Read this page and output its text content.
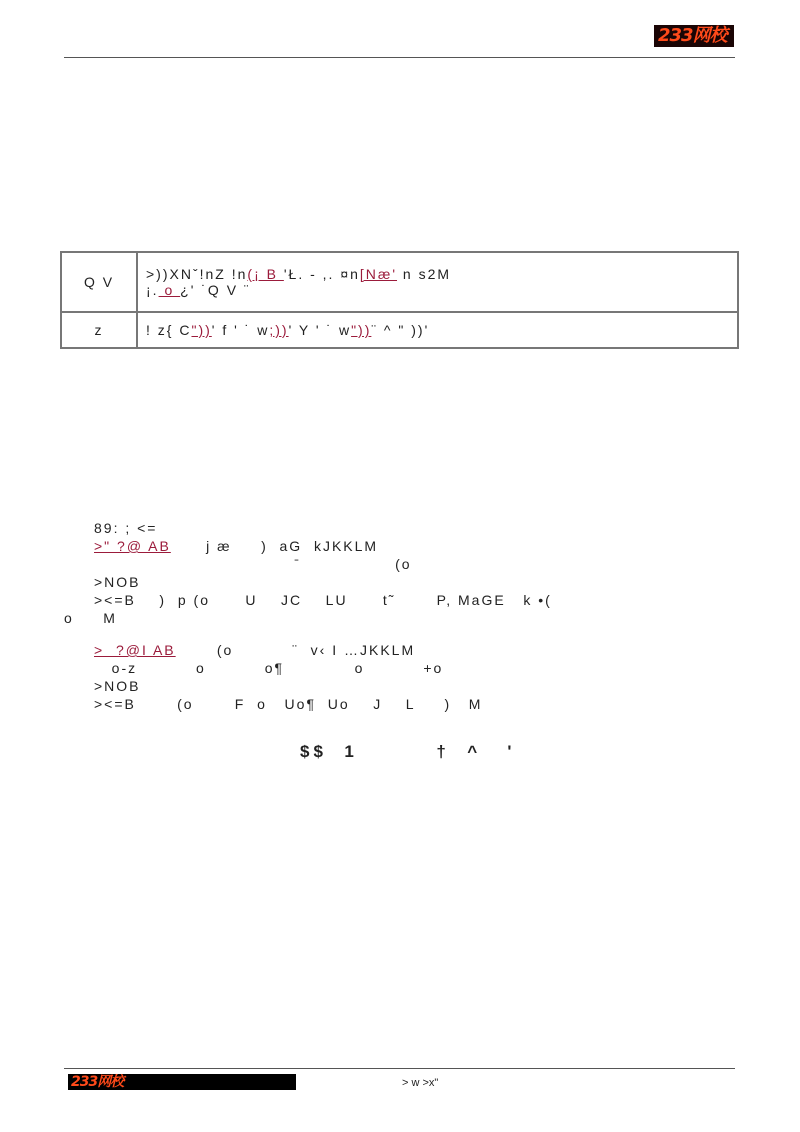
233网校
Q V	>))XNˇ!nZ !n(¡ B 'Ł. - ,. ¤n[Næ' n s2M
¡. o ¿' ˙Q V ¨

z	! z{ C"))' f ' ˙ w;))' Y ' ˙ w"))¨ ^ " ))'
89: ; <=
>" ?@ AB      j æ     )  aG  kJKKLM
ˉ                (o
>NOB
><=B    )  p (o      U    JC    LU      t˜       P, MaGE   k •(
o     M
>  ?@I AB       (o          ¨  v‹ I …JKKLM
o-z          o          o¶            o          +o
>NOB
><=B       (o       F  o   Uo¶  Uo    J    L     )   M
$$  1         †  ^   '
233网校	> w >x"
